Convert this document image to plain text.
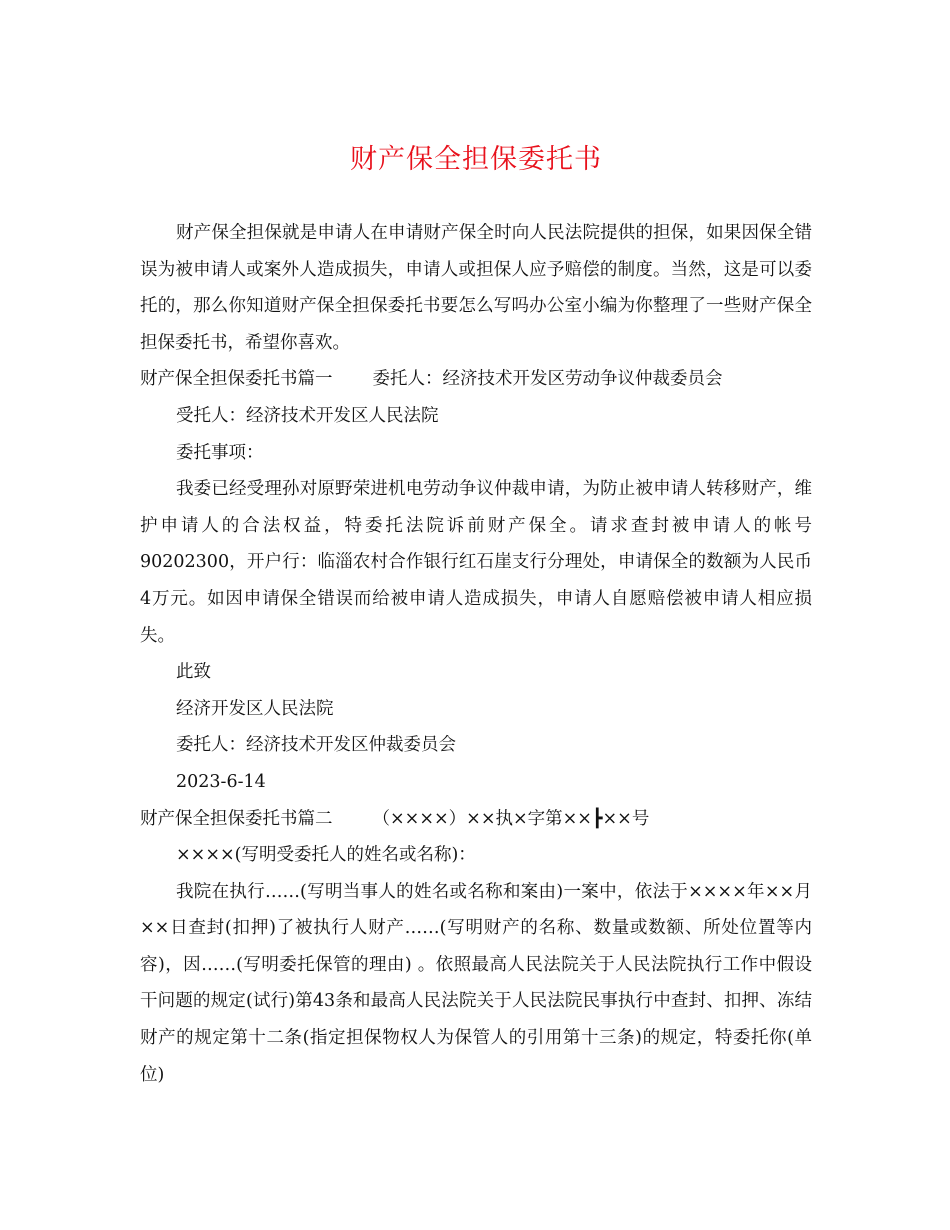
财产保全担保委托书

财产保全担保就是申请人在申请财产保全时向人民法院提供的担保，如果因保全错误为被申请人或案外人造成损失，申请人或担保人应予赔偿的制度。当然，这是可以委托的，那么你知道财产保全担保委托书要怎么写吗办公室小编为你整理了一些财产保全担保委托书，希望你喜欢。

财产保全担保委托书篇一 委托人：经济技术开发区劳动争议仲裁委员会

受托人：经济技术开发区人民法院

委托事项：

我委已经受理孙对原野荣进机电劳动争议仲裁申请，为防止被申请人转移财产，维护申请人的合法权益，特委托法院诉前财产保全。请求查封被申请人的帐号90202300，开户行：临淄农村合作银行红石崖支行分理处，申请保全的数额为人民币4万元。如因申请保全错误而给被申请人造成损失，申请人自愿赔偿被申请人相应损失。

此致

经济开发区人民法院

委托人：经济技术开发区仲裁委员会

2023-6-14

财产保全担保委托书篇二 （××××）××执×字第××┣××号

××××(写明受委托人的姓名或名称)：

我院在执行……(写明当事人的姓名或名称和案由)一案中，依法于××××年××月××日查封(扣押)了被执行人财产……(写明财产的名称、数量或数额、所处位置等内容)，因……(写明委托保管的理由) 。依照最高人民法院关于人民法院执行工作中假设干问题的规定(试行)第43条和最高人民法院关于人民法院民事执行中查封、扣押、冻结财产的规定第十二条(指定担保物权人为保管人的引用第十三条)的规定，特委托你(单位)
